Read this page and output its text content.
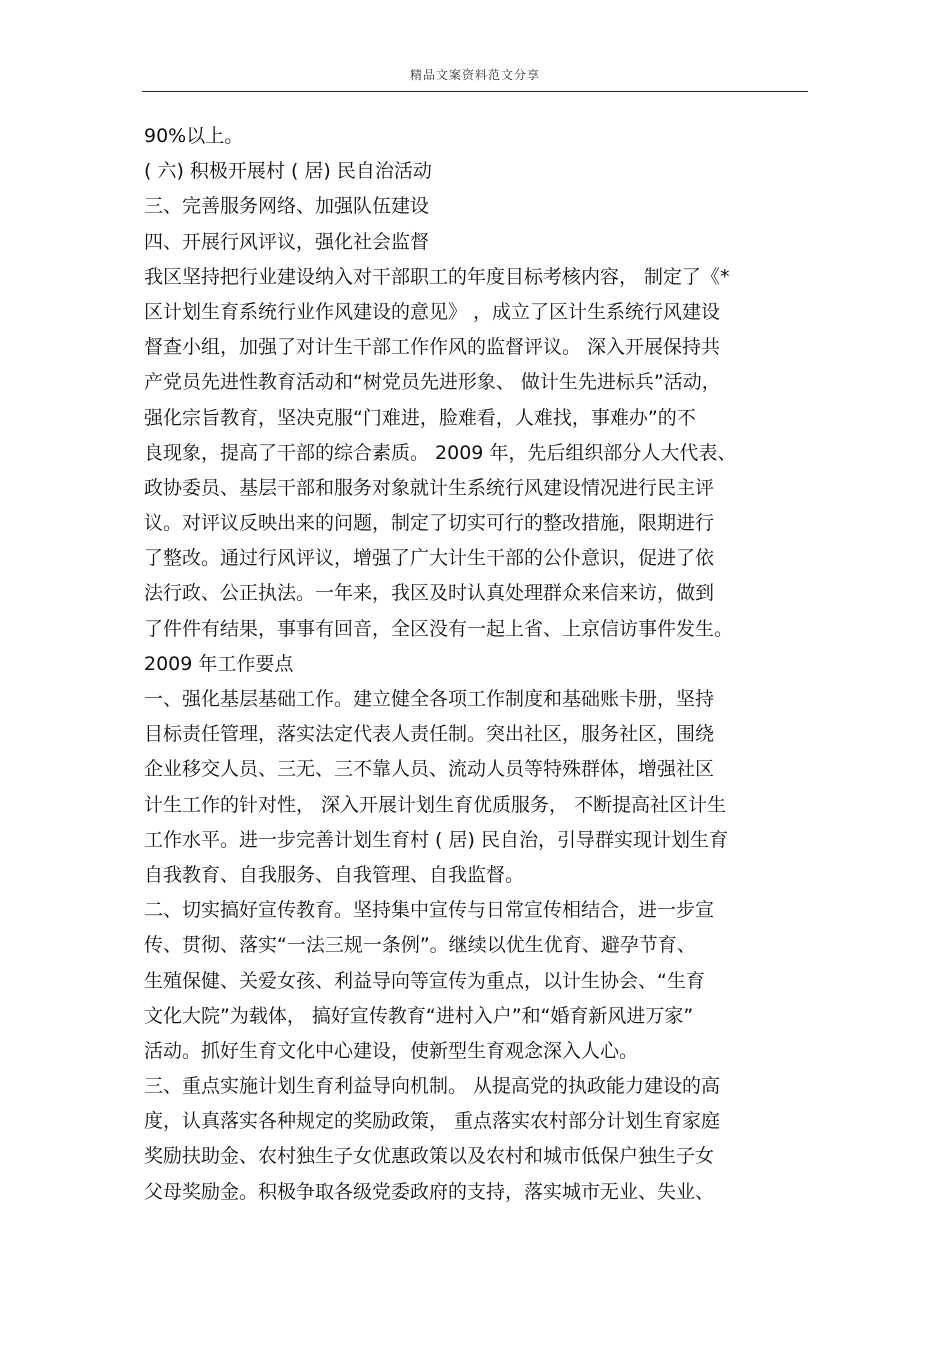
精品文案资料范文分享
90%以上。
( 六) 积极开展村 ( 居) 民自治活动
三、完善服务网络、加强队伍建设
四、开展行风评议，强化社会监督
我区坚持把行业建设纳入对干部职工的年度目标考核内容， 制定了《*
区计划生育系统行业作风建设的意见》 ，成立了区计生系统行风建设
督查小组，加强了对计生干部工作作风的监督评议。 深入开展保持共
产党员先进性教育活动和“树党员先进形象、 做计生先进标兵”活动，
强化宗旨教育，坚决克服“门难进，脸难看，人难找，事难办”的不
良现象，提高了干部的综合素质。 2009 年，先后组织部分人大代表、
政协委员、基层干部和服务对象就计生系统行风建设情况进行民主评
议。对评议反映出来的问题，制定了切实可行的整改措施，限期进行
了整改。通过行风评议，增强了广大计生干部的公仆意识，促进了依
法行政、公正执法。一年来，我区及时认真处理群众来信来访，做到
了件件有结果，事事有回音，全区没有一起上省、上京信访事件发生。
2009 年工作要点
一、强化基层基础工作。建立健全各项工作制度和基础账卡册，坚持
目标责任管理，落实法定代表人责任制。突出社区，服务社区，围绕
企业移交人员、三无、三不靠人员、流动人员等特殊群体，增强社区
计生工作的针对性， 深入开展计划生育优质服务， 不断提高社区计生
工作水平。进一步完善计划生育村 ( 居) 民自治，引导群实现计划生育
自我教育、自我服务、自我管理、自我监督。
二、切实搞好宣传教育。坚持集中宣传与日常宣传相结合，进一步宣
传、贯彻、落实“一法三规一条例”。继续以优生优育、避孕节育、
生殖保健、关爱女孩、利益导向等宣传为重点，以计生协会、“生育
文化大院”为载体， 搞好宣传教育“进村入户”和“婚育新风进万家”
活动。抓好生育文化中心建设，使新型生育观念深入人心。
三、重点实施计划生育利益导向机制。 从提高党的执政能力建设的高
度，认真落实各种规定的奖励政策， 重点落实农村部分计划生育家庭
奖励扶助金、农村独生子女优惠政策以及农村和城市低保户独生子女
父母奖励金。积极争取各级党委政府的支持，落实城市无业、失业、
